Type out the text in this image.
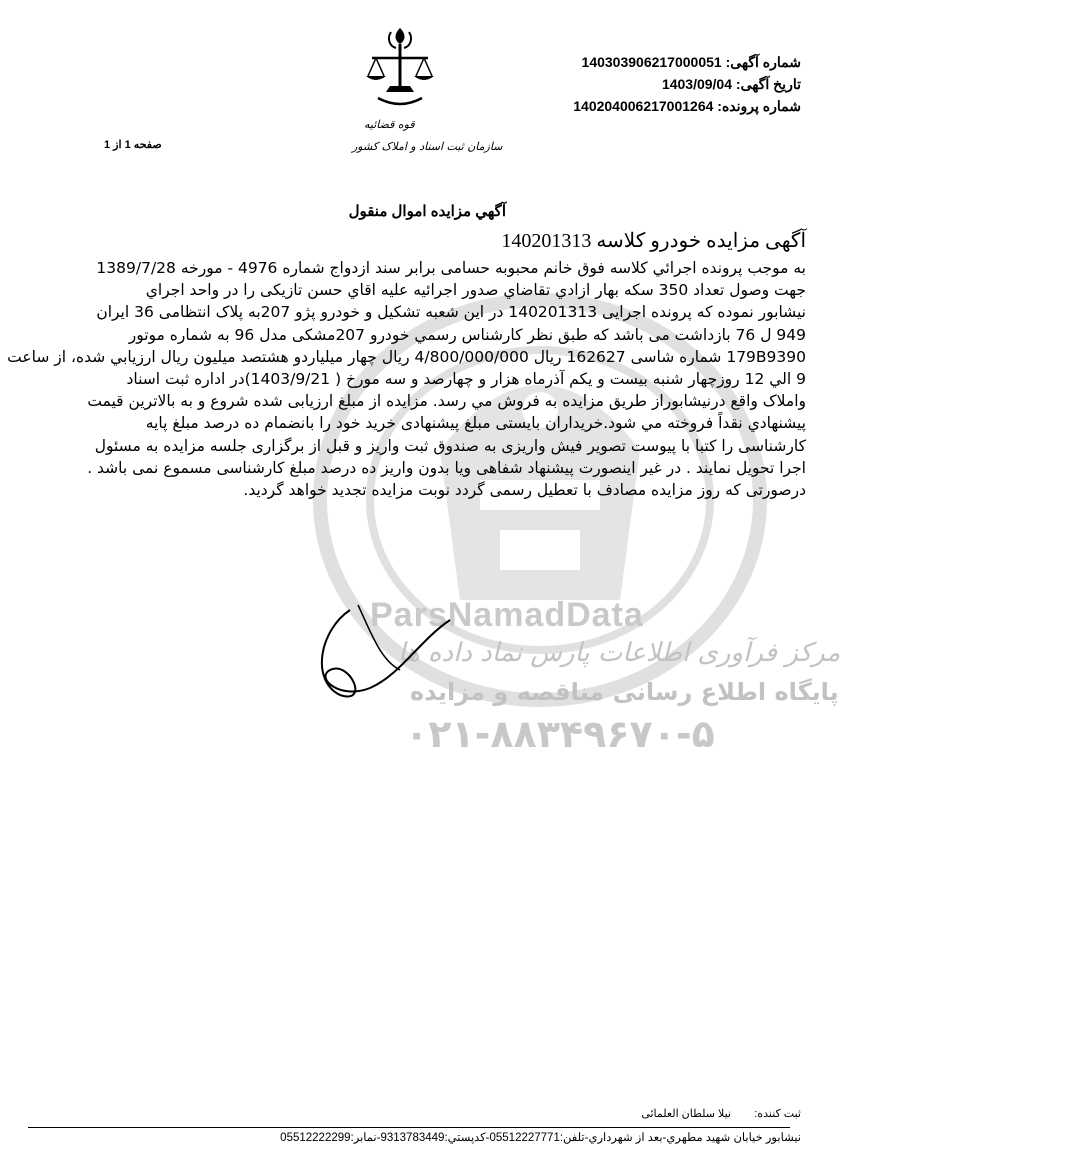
ParsNamadData
مرکز فرآوری اطلاعات پارس نماد داده ها
پایگاه اطلاع رسانی مناقصه و مزایده
۰۲۱-۸۸۳۴۹۶۷۰-۵
قوه قضائیه
سازمان ثبت اسناد و املاک کشور
شماره آگهی: 140303906217000051
تاریخ آگهی: 1403/09/04
شماره پرونده: 140204006217001264
صفحه 1 از 1
آگهي مزايده اموال منقول
آگهی مزایده خودرو کلاسه 140201313
به موجب پرونده اجرائي کلاسه فوق خانم محبوبه حسامی برابر سند ازدواج شماره 4976 - مورخه 1389/7/28
جهت وصول تعداد 350 سکه بهار ازادي تقاضاي صدور اجرائيه عليه اقاي حسن تازیکی را در واحد اجراي
نيشابور نموده که پرونده اجرایی 140201313 در این شعبه تشکیل و خودرو پژو 207به پلاک انتظامی 36 ایران
949 ل 76 بازداشت می باشد که طبق نظر کارشناس رسمي خودرو 207مشکی مدل 96 به شماره موتور
179B9390 شماره شاسی 162627 ريال 4/800/000/000 ريال چهار ميلياردو هشتصد ميليون ريال ارزيابي شده، از ساعت
9 الي 12 روزچهار شنبه بيست و يکم آذرماه هزار و چهارصد و سه مورخ ( 1403/9/21)در اداره ثبت اسناد
واملاک واقع درنيشابوراز طريق مزايده به فروش مي رسد. مزايده از مبلغ ارزيابی شده شروع و به بالاترين قيمت
پيشنهادي نقداً فروخته مي شود.خريداران بايستی مبلغ پيشنهادی خريد خود را بانضمام ده درصد مبلغ پايه
کارشناسی را کتبا با پيوست تصوير فيش واريزی به صندوق ثبت واريز و قبل از برگزاری جلسه مزايده به مسئول
اجرا تحويل نمايند . در غير اينصورت پيشنهاد شفاهی ويا بدون واريز ده درصد مبلغ کارشناسی مسموع نمی باشد .
درصورتی که روز مزايده مصادف با تعطيل رسمی گردد نوبت مزايده تجديد خواهد گرديد.
ثبت کننده:
نيلا سلطان العلمائی
نيشابور خيابان شهيد مطهري-بعد از شهرداري-تلفن:05512227771-کدپستي:9313783449-نمابر:05512222299
